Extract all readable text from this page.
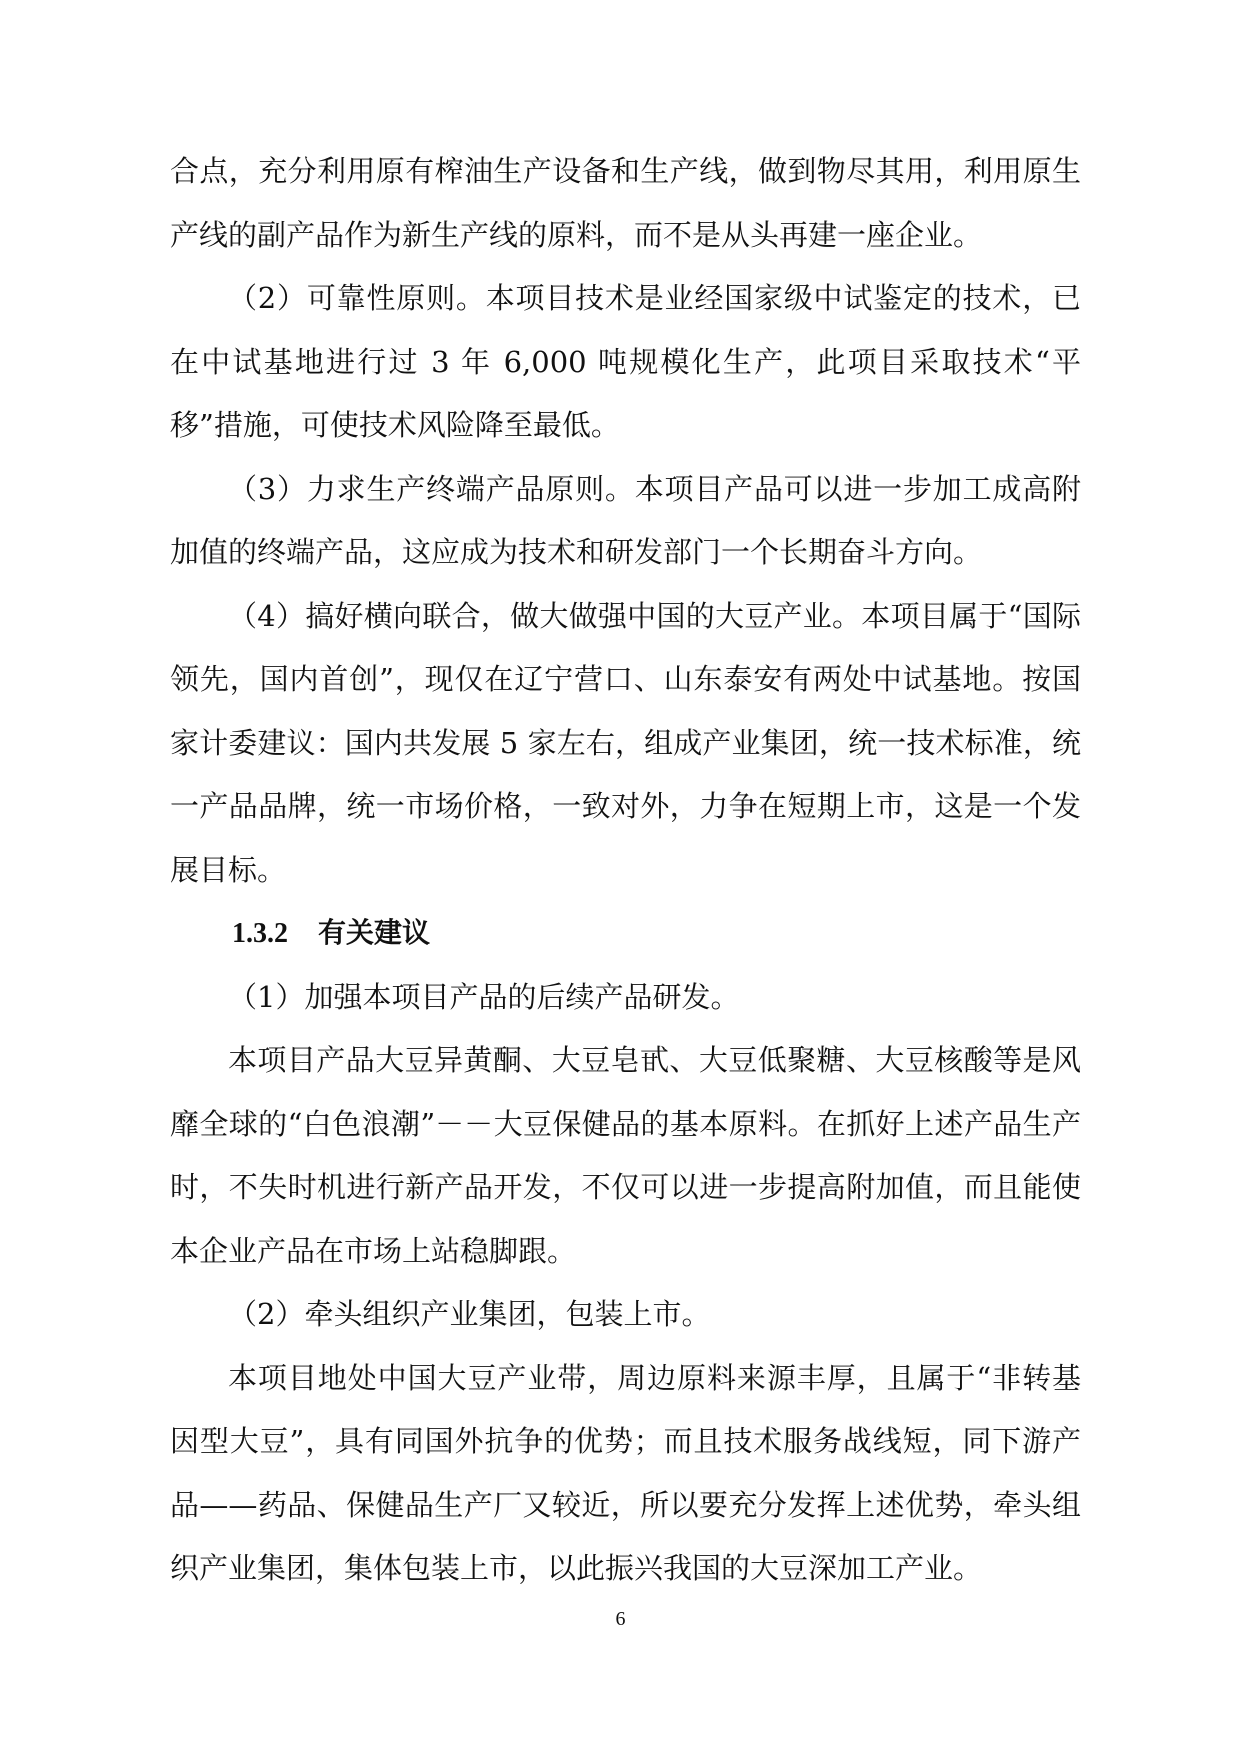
合点，充分利用原有榨油生产设备和生产线，做到物尽其用，利用原生产线的副产品作为新生产线的原料，而不是从头再建一座企业。

（2）可靠性原则。本项目技术是业经国家级中试鉴定的技术，已在中试基地进行过 3 年 6,000 吨规模化生产，此项目采取技术“平移”措施，可使技术风险降至最低。

（3）力求生产终端产品原则。本项目产品可以进一步加工成高附加值的终端产品，这应成为技术和研发部门一个长期奋斗方向。

（4）搞好横向联合，做大做强中国的大豆产业。本项目属于“国际领先，国内首创”，现仅在辽宁营口、山东泰安有两处中试基地。按国家计委建议：国内共发展 5 家左右，组成产业集团，统一技术标准，统一产品品牌，统一市场价格，一致对外，力争在短期上市，这是一个发展目标。

1.3.2 有关建议

（1）加强本项目产品的后续产品研发。

本项目产品大豆异黄酮、大豆皂甙、大豆低聚糖、大豆核酸等是风靡全球的“白色浪潮”－－大豆保健品的基本原料。在抓好上述产品生产时，不失时机进行新产品开发，不仅可以进一步提高附加值，而且能使本企业产品在市场上站稳脚跟。

（2）牵头组织产业集团，包装上市。

本项目地处中国大豆产业带，周边原料来源丰厚，且属于“非转基因型大豆”，具有同国外抗争的优势；而且技术服务战线短，同下游产品——药品、保健品生产厂又较近，所以要充分发挥上述优势，牵头组织产业集团，集体包装上市，以此振兴我国的大豆深加工产业。

6
